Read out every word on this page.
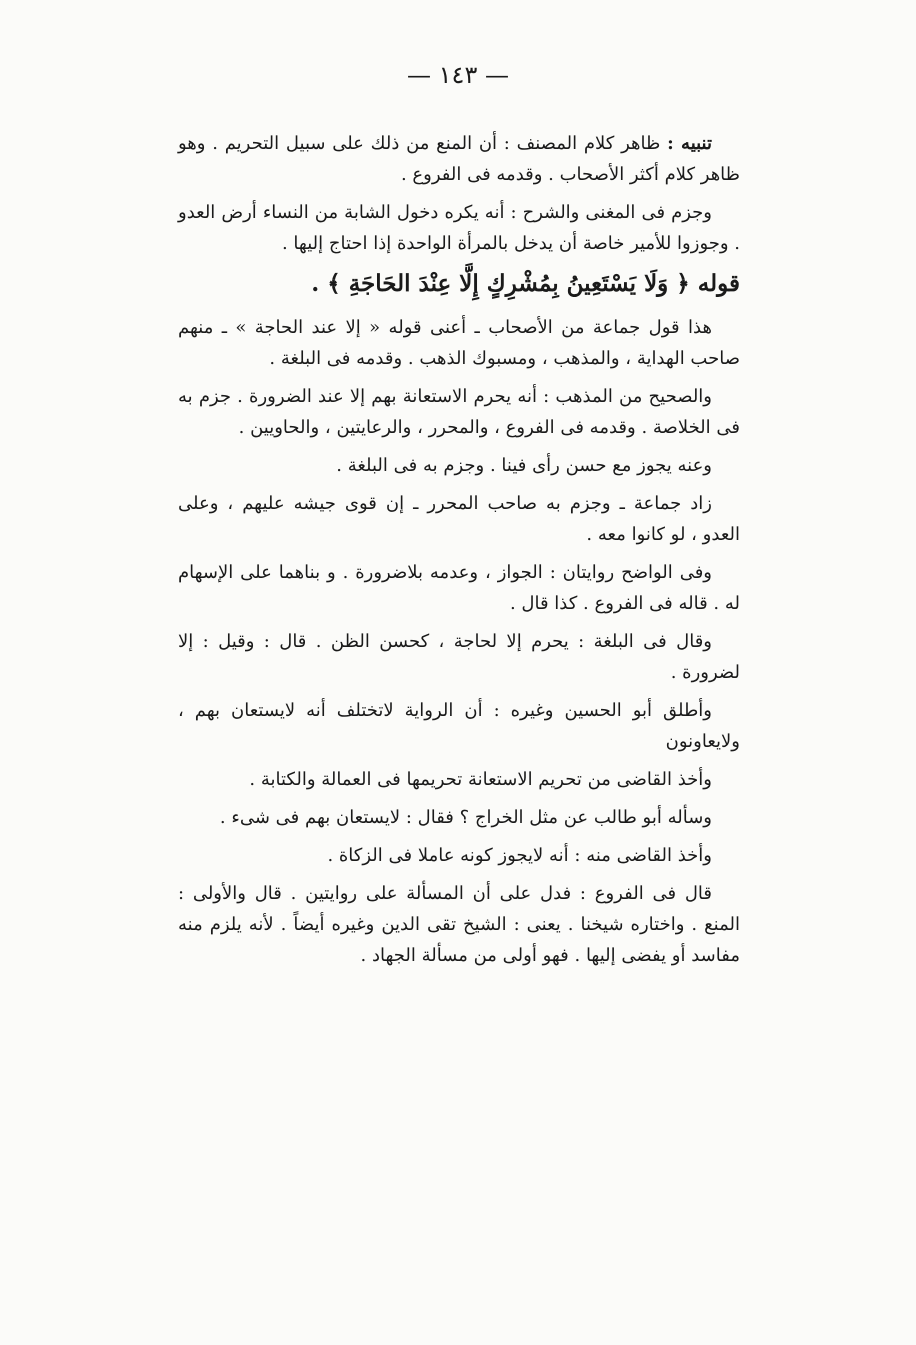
— ١٤٣ —

تنبيه : ظاهر كلام المصنف : أن المنع من ذلك على سبيل التحريم . وهو ظاهر كلام أكثر الأصحاب . وقدمه فى الفروع .

وجزم فى المغنى والشرح : أنه يكره دخول الشابة من النساء أرض العدو . وجوزوا للأمير خاصة أن يدخل بالمرأة الواحدة إذا احتاج إليها .

قوله ﴿ وَلَا يَسْتَعِينُ بِمُشْرِكٍ إِلَّا عِنْدَ الحَاجَةِ ﴾ .

هذا قول جماعة من الأصحاب ـ أعنى قوله « إلا عند الحاجة » ـ منهم صاحب الهداية ، والمذهب ، ومسبوك الذهب . وقدمه فى البلغة .

والصحيح من المذهب : أنه يحرم الاستعانة بهم إلا عند الضرورة . جزم به فى الخلاصة . وقدمه فى الفروع ، والمحرر ، والرعايتين ، والحاويين .

وعنه يجوز مع حسن رأى فينا . وجزم به فى البلغة .

زاد جماعة ـ وجزم به صاحب المحرر ـ إن قوى جيشه عليهم ، وعلى العدو ، لو كانوا معه .

وفى الواضح روايتان : الجواز ، وعدمه بلاضرورة . و بناهما على الإسهام له . قاله فى الفروع . كذا قال .

وقال فى البلغة : يحرم إلا لحاجة ، كحسن الظن . قال : وقيل : إلا لضرورة .

وأطلق أبو الحسين وغيره : أن الرواية لاتختلف أنه لايستعان بهم ، ولايعاونون

وأخذ القاضى من تحريم الاستعانة تحريمها فى العمالة والكتابة .

وسأله أبو طالب عن مثل الخراج ؟ فقال : لايستعان بهم فى شىء .

وأخذ القاضى منه : أنه لايجوز كونه عاملا فى الزكاة .

قال فى الفروع : فدل على أن المسألة على روايتين . قال والأولى : المنع . واختاره شيخنا . يعنى : الشيخ تقى الدين وغيره أيضاً . لأنه يلزم منه مفاسد أو يفضى إليها . فهو أولى من مسألة الجهاد .
